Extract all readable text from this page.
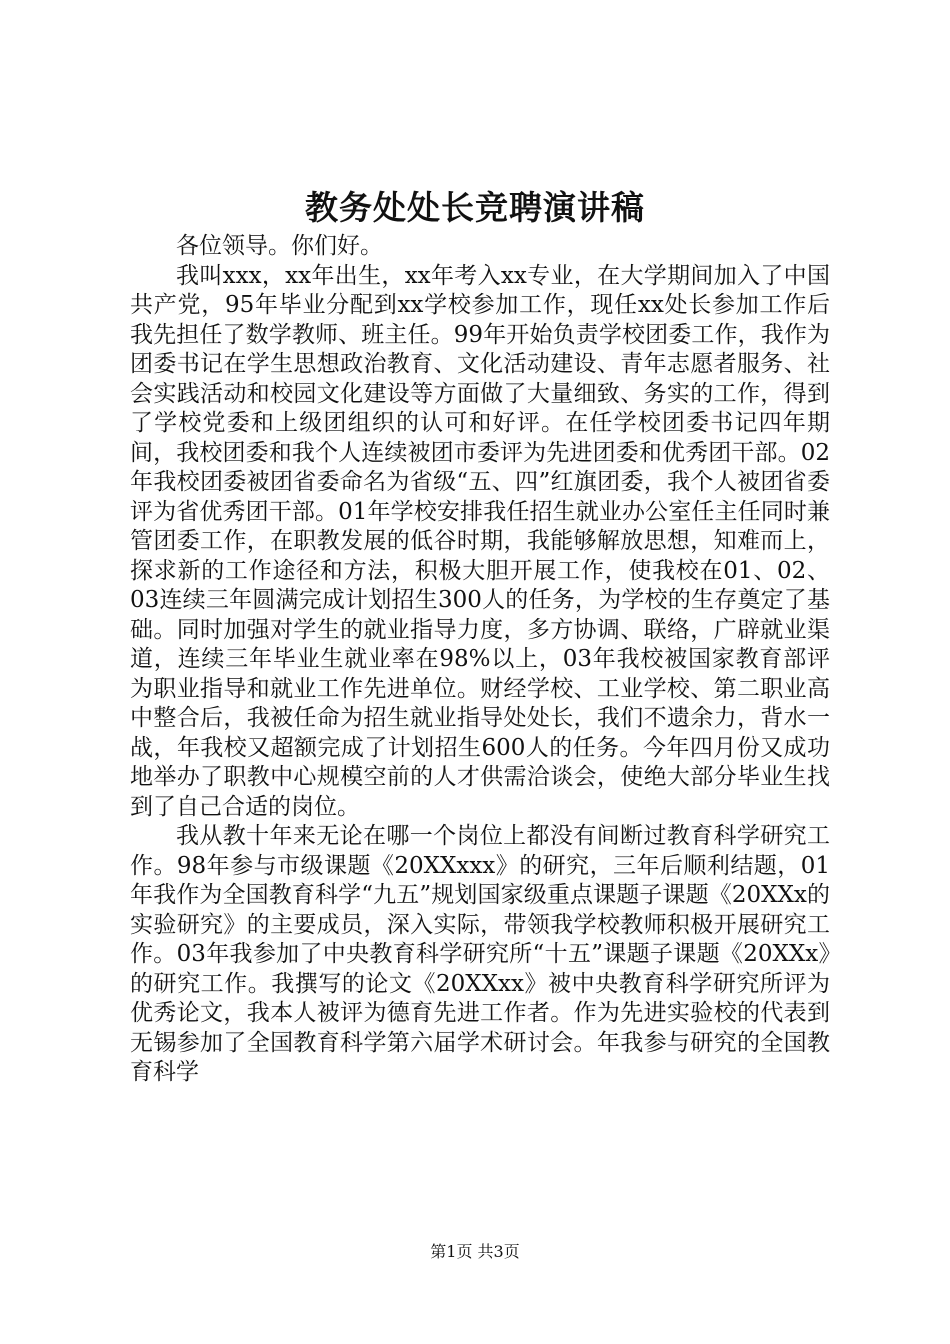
教务处处长竞聘演讲稿

各位领导。你们好。

我叫xxx，xx年出生，xx年考入xx专业，在大学期间加入了中国共产党，95年毕业分配到xx学校参加工作，现任xx处长参加工作后我先担任了数学教师、班主任。99年开始负责学校团委工作，我作为团委书记在学生思想政治教育、文化活动建设、青年志愿者服务、社会实践活动和校园文化建设等方面做了大量细致、务实的工作，得到了学校党委和上级团组织的认可和好评。在任学校团委书记四年期间，我校团委和我个人连续被团市委评为先进团委和优秀团干部。02年我校团委被团省委命名为省级“五、四”红旗团委，我个人被团省委评为省优秀团干部。01年学校安排我任招生就业办公室任主任同时兼管团委工作，在职教发展的低谷时期，我能够解放思想，知难而上，探求新的工作途径和方法，积极大胆开展工作，使我校在01、02、03连续三年圆满完成计划招生300人的任务，为学校的生存奠定了基础。同时加强对学生的就业指导力度，多方协调、联络，广辟就业渠道，连续三年毕业生就业率在98%以上，03年我校被国家教育部评为职业指导和就业工作先进单位。财经学校、工业学校、第二职业高中整合后，我被任命为招生就业指导处处长，我们不遗余力，背水一战，年我校又超额完成了计划招生600人的任务。今年四月份又成功地举办了职教中心规模空前的人才供需洽谈会，使绝大部分毕业生找到了自己合适的岗位。

我从教十年来无论在哪一个岗位上都没有间断过教育科学研究工作。98年参与市级课题《20XXxxx》的研究，三年后顺利结题，01年我作为全国教育科学“九五”规划国家级重点课题子课题《20XXx的实验研究》的主要成员，深入实际，带领我学校教师积极开展研究工作。03年我参加了中央教育科学研究所“十五”课题子课题《20XXx》的研究工作。我撰写的论文《20XXxx》被中央教育科学研究所评为优秀论文，我本人被评为德育先进工作者。作为先进实验校的代表到无锡参加了全国教育科学第六届学术研讨会。年我参与研究的全国教育科学

第1页 共3页
